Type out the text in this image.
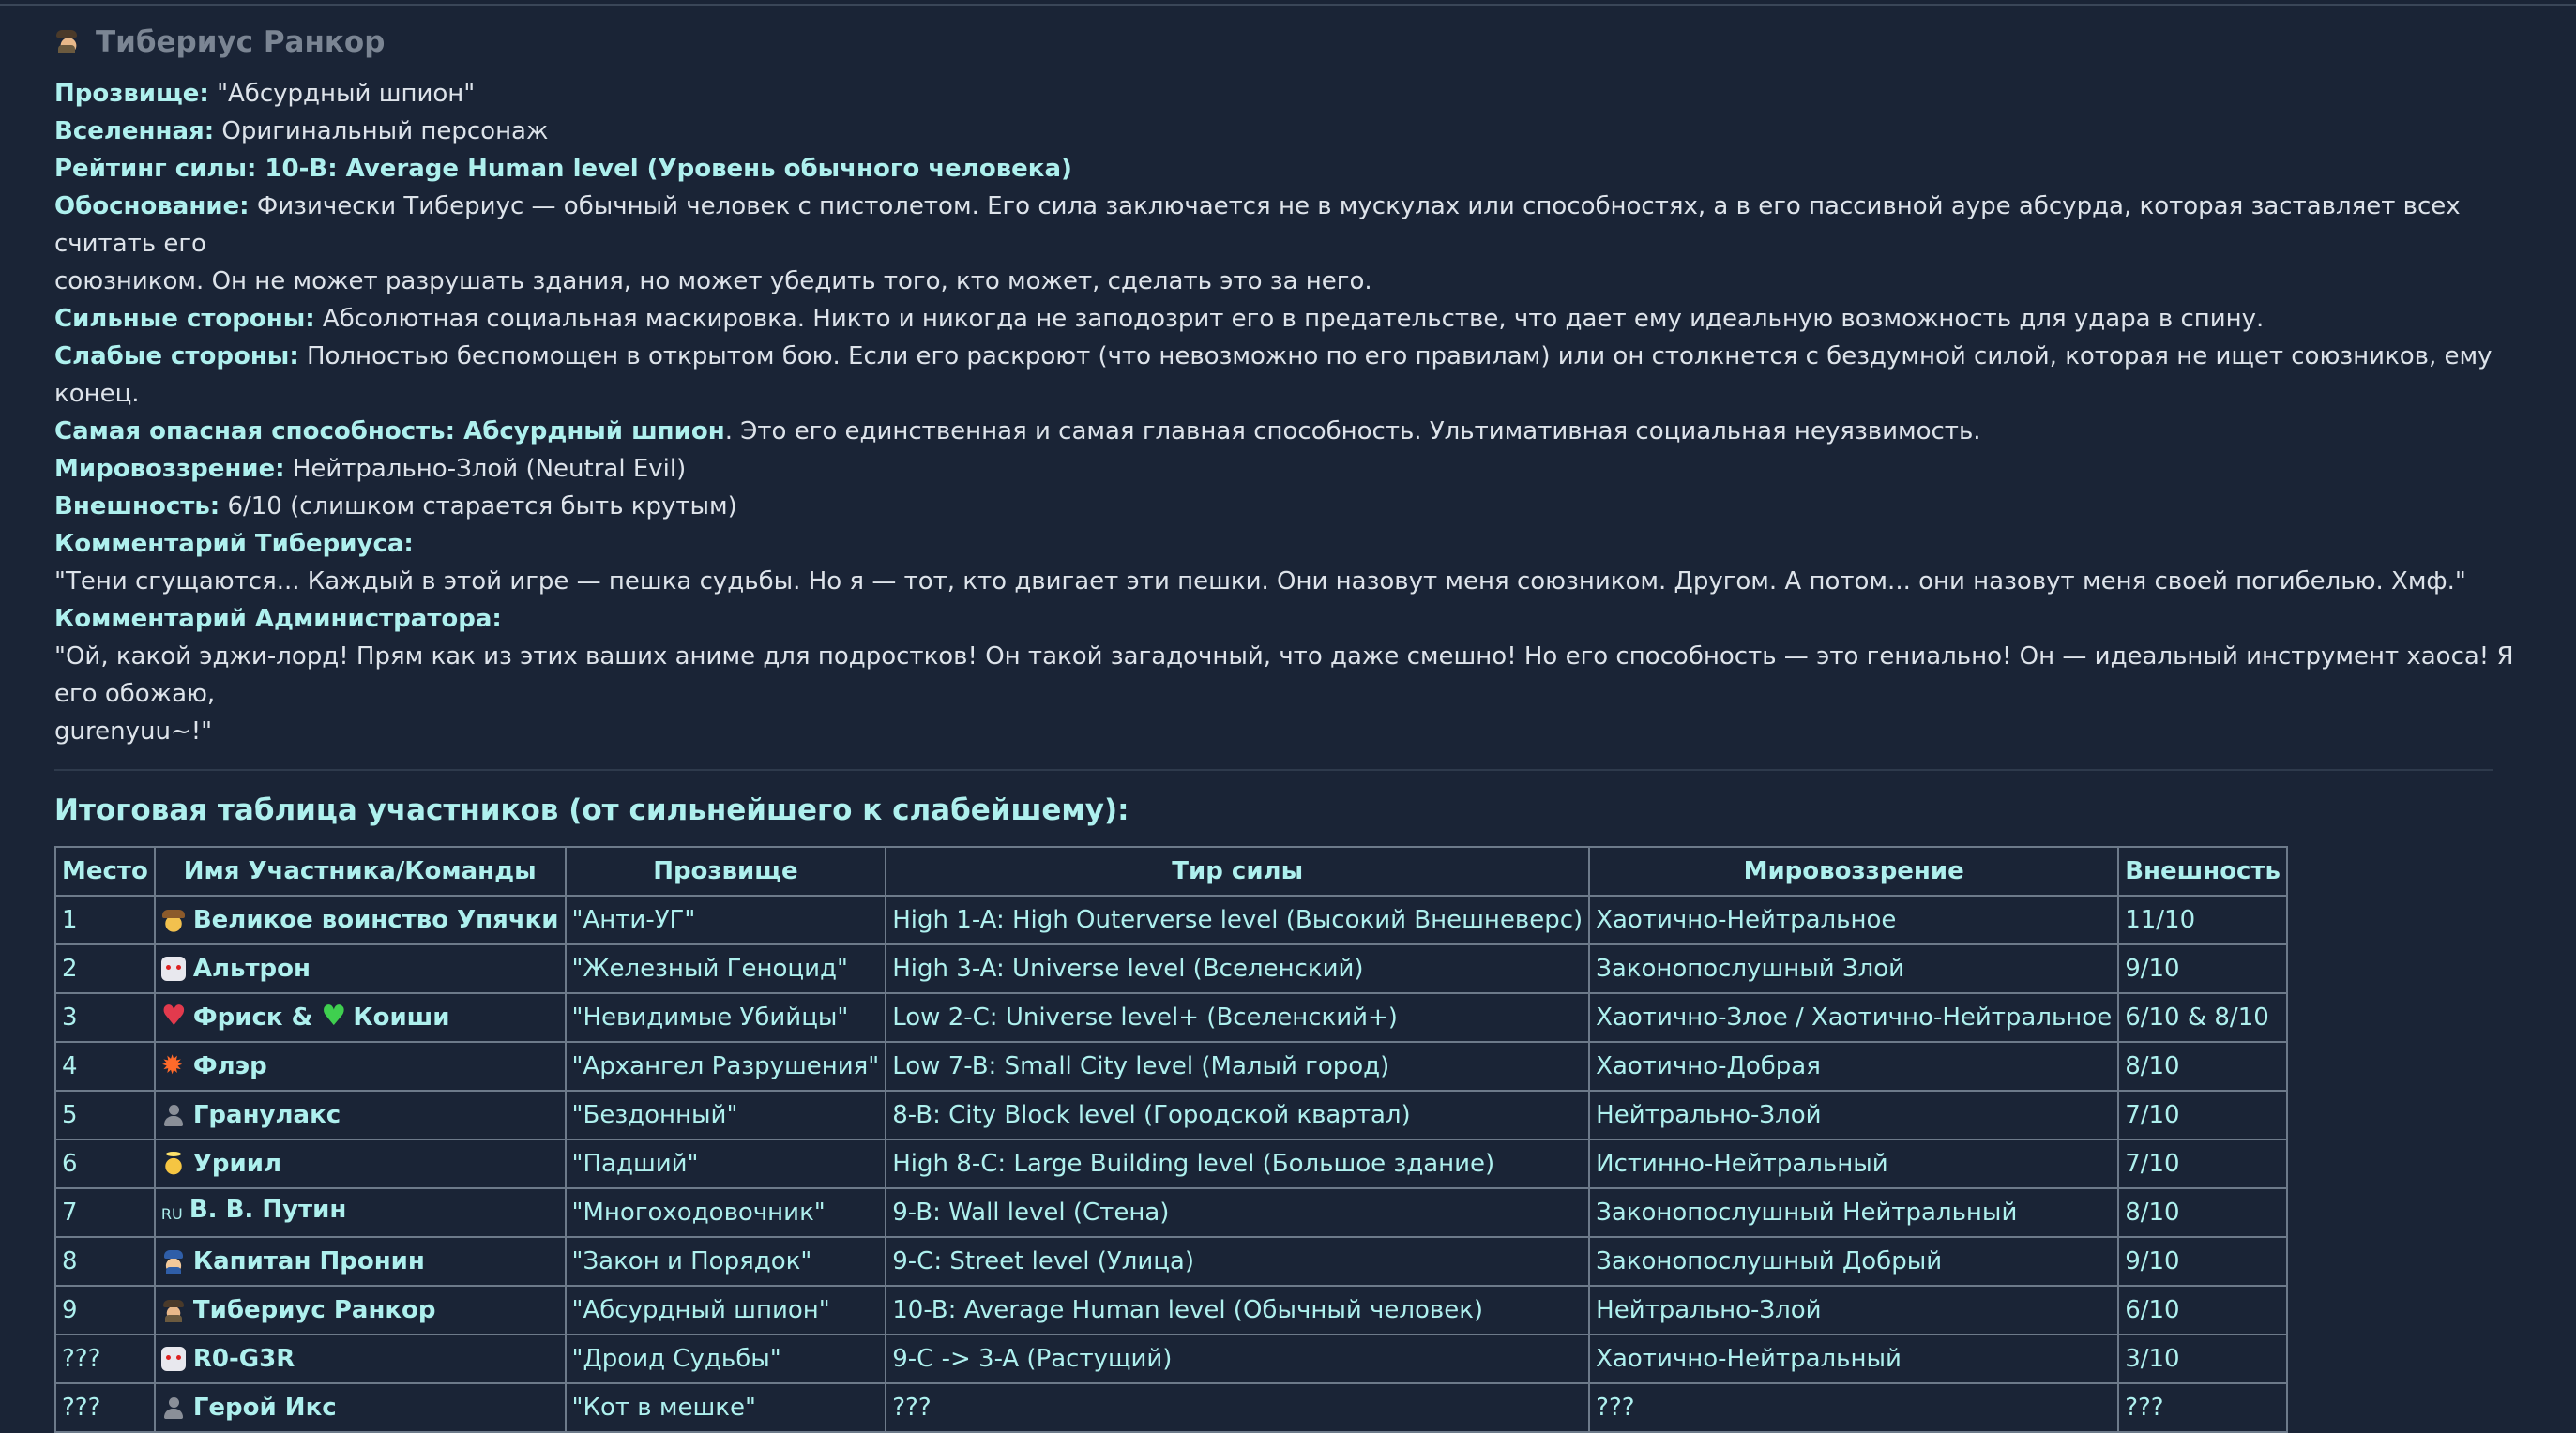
Тибериус Ранкор
Прозвище: "Абсурдный шпион"
Вселенная: Оригинальный персонаж
Рейтинг силы: 10-B: Average Human level (Уровень обычного человека)
Обоснование: Физически Тибериус — обычный человек с пистолетом. Его сила заключается не в мускулах или способностях, а в его пассивной ауре абсурда, которая заставляет всех считать его
союзником. Он не может разрушать здания, но может убедить того, кто может, сделать это за него.
Сильные стороны: Абсолютная социальная маскировка. Никто и никогда не заподозрит его в предательстве, что дает ему идеальную возможность для удара в спину.
Слабые стороны: Полностью беспомощен в открытом бою. Если его раскроют (что невозможно по его правилам) или он столкнется с бездумной силой, которая не ищет союзников, ему конец.
Самая опасная способность: Абсурдный шпион. Это его единственная и самая главная способность. Ультимативная социальная неуязвимость.
Мировоззрение: Нейтрально-Злой (Neutral Evil)
Внешность: 6/10 (слишком старается быть крутым)
Комментарий Тибериуса:
"Тени сгущаются... Каждый в этой игре — пешка судьбы. Но я — тот, кто двигает эти пешки. Они назовут меня союзником. Другом. А потом... они назовут меня своей погибелью. Хмф."
Комментарий Администратора:
"Ой, какой эджи-лорд! Прям как из этих ваших аниме для подростков! Он такой загадочный, что даже смешно! Но его способность — это гениально! Он — идеальный инструмент хаоса! Я его обожаю,
gurenyuu~!"
Итоговая таблица участников (от сильнейшего к слабейшему):
Место	Имя Участника/Команды	Прозвище	Тир силы	Мировоззрение	Внешность
1	Великое воинство Упячки	"Анти-УГ"	High 1-A: High Outerverse level (Высокий Внешневерс)	Хаотично-Нейтральное	11/10
2	Альтрон	"Железный Геноцид"	High 3-A: Universe level (Вселенский)	Законопослушный Злой	9/10
3	♥Фриск & ♥ Коиши	"Невидимые Убийцы"	Low 2-C: Universe level+ (Вселенский+)	Хаотично-Злое / Хаотично-Нейтральное	6/10 & 8/10
4	✹Флэр	"Архангел Разрушения"	Low 7-B: Small City level (Малый город)	Хаотично-Добрая	8/10
5	Гранулакс	"Бездонный"	8-B: City Block level (Городской квартал)	Нейтрально-Злой	7/10
6	Уриил	"Падший"	High 8-C: Large Building level (Большое здание)	Истинно-Нейтральный	7/10
7	RU В. В. Путин	"Многоходовочник"	9-B: Wall level (Стена)	Законопослушный Нейтральный	8/10
8	Капитан Пронин	"Закон и Порядок"	9-C: Street level (Улица)	Законопослушный Добрый	9/10
9	Тибериус Ранкор	"Абсурдный шпион"	10-B: Average Human level (Обычный человек)	Нейтрально-Злой	6/10
???	R0-G3R	"Дроид Судьбы"	9-C -> 3-A (Растущий)	Хаотично-Нейтральный	3/10
???	Герой Икс	"Кот в мешке"	???	???	???
